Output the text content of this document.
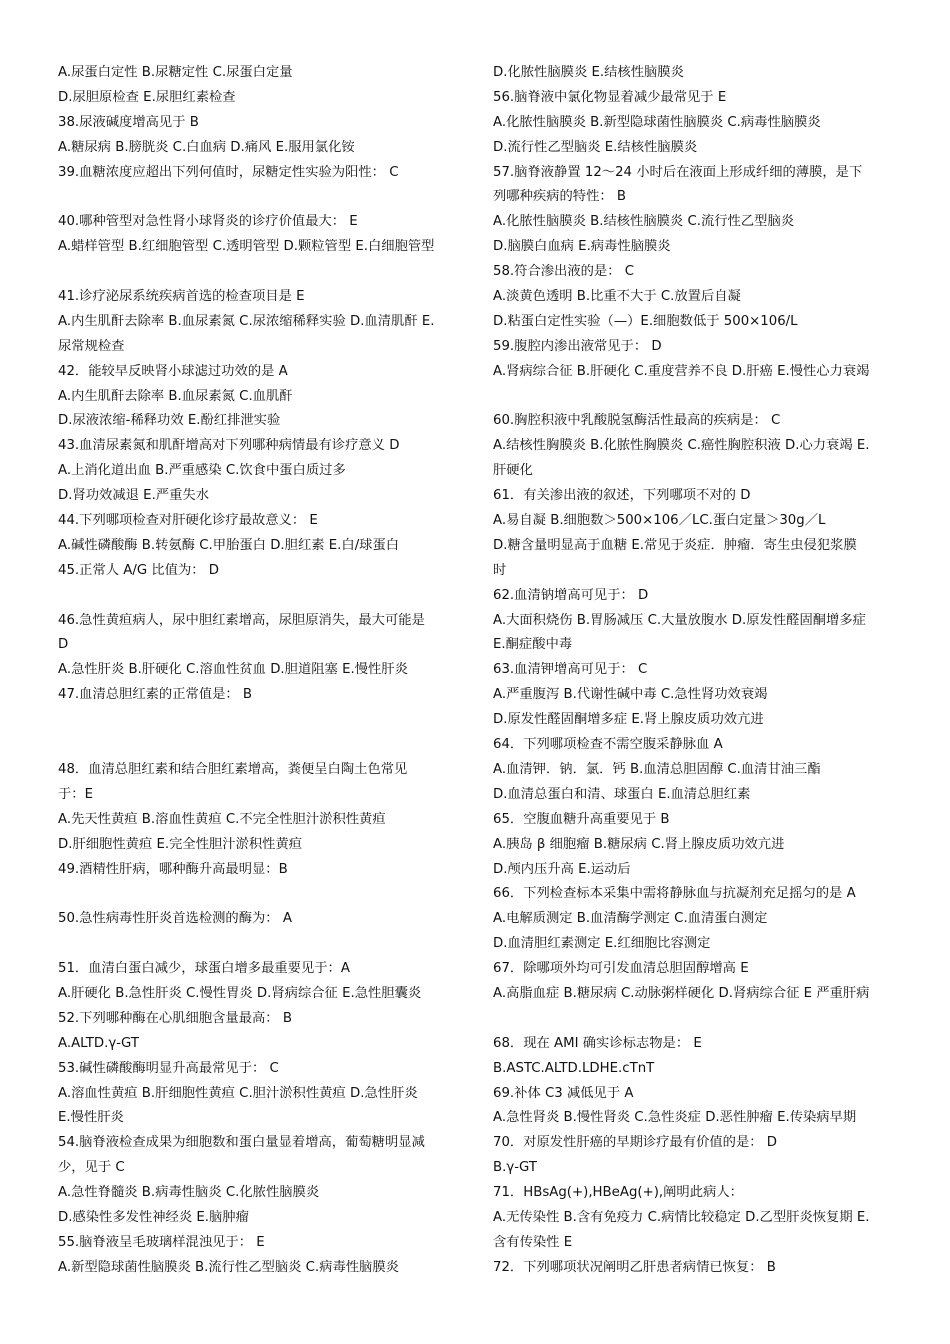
A.尿蛋白定性 B.尿糖定性 C.尿蛋白定量
D.尿胆原检查 E.尿胆红素检查
38.尿液碱度增高见于 B
A.糖尿病 B.膀胱炎 C.白血病 D.痛风 E.服用氯化铵
39.血糖浓度应超出下列何值时，尿糖定性实验为阳性： C
40.哪种管型对急性肾小球肾炎的诊疗价值最大： E
A.蜡样管型 B.红细胞管型 C.透明管型 D.颗粒管型 E.白细胞管型
41.诊疗泌尿系统疾病首选的检查项目是 E
A.内生肌酐去除率 B.血尿素氮 C.尿浓缩稀释实验 D.血清肌酐 E.
尿常规检查
42．能较早反映肾小球滤过功效的是 A
A.内生肌酐去除率 B.血尿素氮 C.血肌酐
D.尿液浓缩-稀释功效 E.酚红排泄实验
43.血清尿素氮和肌酐增高对下列哪种病情最有诊疗意义 D
A.上消化道出血 B.严重感染 C.饮食中蛋白质过多
D.肾功效减退 E.严重失水
44.下列哪项检查对肝硬化诊疗最故意义： E
A.碱性磷酸酶 B.转氨酶 C.甲胎蛋白 D.胆红素 E.白/球蛋白
45.正常人 A/G 比值为： D
46.急性黄疸病人，尿中胆红素增高，尿胆原消失，最大可能是
D
A.急性肝炎 B.肝硬化 C.溶血性贫血 D.胆道阻塞 E.慢性肝炎
47.血清总胆红素的正常值是： B
48．血清总胆红素和结合胆红素增高，粪便呈白陶土色常见
于：E
A.先天性黄疸 B.溶血性黄疸 C.不完全性胆汁淤积性黄疸
D.肝细胞性黄疸 E.完全性胆汁淤积性黄疸
49.酒精性肝病，哪种酶升高最明显：B
50.急性病毒性肝炎首选检测的酶为： A
51．血清白蛋白减少，球蛋白增多最重要见于：A
A.肝硬化 B.急性肝炎 C.慢性胃炎 D.肾病综合征 E.急性胆囊炎
52.下列哪种酶在心肌细胞含量最高： B
A.ALTD.γ-GT
53.碱性磷酸酶明显升高最常见于： C
A.溶血性黄疸 B.肝细胞性黄疸 C.胆汁淤积性黄疸 D.急性肝炎
E.慢性肝炎
54.脑脊液检查成果为细胞数和蛋白量显着增高，葡萄糖明显减
少，见于 C
A.急性脊髓炎 B.病毒性脑炎 C.化脓性脑膜炎
D.感染性多发性神经炎 E.脑肿瘤
55.脑脊液呈毛玻璃样混浊见于： E
A.新型隐球菌性脑膜炎 B.流行性乙型脑炎 C.病毒性脑膜炎
D.化脓性脑膜炎 E.结核性脑膜炎
56.脑脊液中氯化物显着减少最常见于 E
A.化脓性脑膜炎 B.新型隐球菌性脑膜炎 C.病毒性脑膜炎
D.流行性乙型脑炎 E.结核性脑膜炎
57.脑脊液静置 12～24 小时后在液面上形成纤细的薄膜，是下
列哪种疾病的特性： B
A.化脓性脑膜炎 B.结核性脑膜炎 C.流行性乙型脑炎
D.脑膜白血病 E.病毒性脑膜炎
58.符合渗出液的是： C
A.淡黄色透明 B.比重不大于 C.放置后自凝
D.粘蛋白定性实验（—）E.细胞数低于 500×106/L
59.腹腔内渗出液常见于： D
A.肾病综合征 B.肝硬化 C.重度营养不良 D.肝癌 E.慢性心力衰竭
60.胸腔积液中乳酸脱氢酶活性最高的疾病是： C
A.结核性胸膜炎 B.化脓性胸膜炎 C.癌性胸腔积液 D.心力衰竭 E.
肝硬化
61．有关渗出液的叙述，下列哪项不对的 D
A.易自凝 B.细胞数＞500×106／LC.蛋白定量＞30g／L
D.糖含量明显高于血糖 E.常见于炎症．肿瘤．寄生虫侵犯浆膜
时
62.血清钠增高可见于： D
A.大面积烧伤 B.胃肠减压 C.大量放腹水 D.原发性醛固酮增多症
E.酮症酸中毒
63.血清钾增高可见于： C
A.严重腹泻 B.代谢性碱中毒 C.急性肾功效衰竭
D.原发性醛固酮增多症 E.肾上腺皮质功效亢进
64．下列哪项检查不需空腹采静脉血 A
A.血清钾．钠．氯．钙 B.血清总胆固醇 C.血清甘油三酯
D.血清总蛋白和清、球蛋白 E.血清总胆红素
65．空腹血糖升高重要见于 B
A.胰岛 β 细胞瘤 B.糖尿病 C.肾上腺皮质功效亢进
D.颅内压升高 E.运动后
66．下列检查标本采集中需将静脉血与抗凝剂充足摇匀的是 A
A.电解质测定 B.血清酶学测定 C.血清蛋白测定
D.血清胆红素测定 E.红细胞比容测定
67．除哪项外均可引发血清总胆固醇增高 E
A.高脂血症 B.糖尿病 C.动脉粥样硬化 D.肾病综合征 E 严重肝病
68．现在 AMI 确实诊标志物是： E
B.ASTC.ALTD.LDHE.cTnT
69.补体 C3 减低见于 A
A.急性肾炎 B.慢性肾炎 C.急性炎症 D.恶性肿瘤 E.传染病早期
70．对原发性肝癌的早期诊疗最有价值的是： D
B.γ-GT
71．HBsAg(+),HBeAg(+),阐明此病人：
A.无传染性 B.含有免疫力 C.病情比较稳定 D.乙型肝炎恢复期 E.
含有传染性 E
72．下列哪项状况阐明乙肝患者病情已恢复： B
